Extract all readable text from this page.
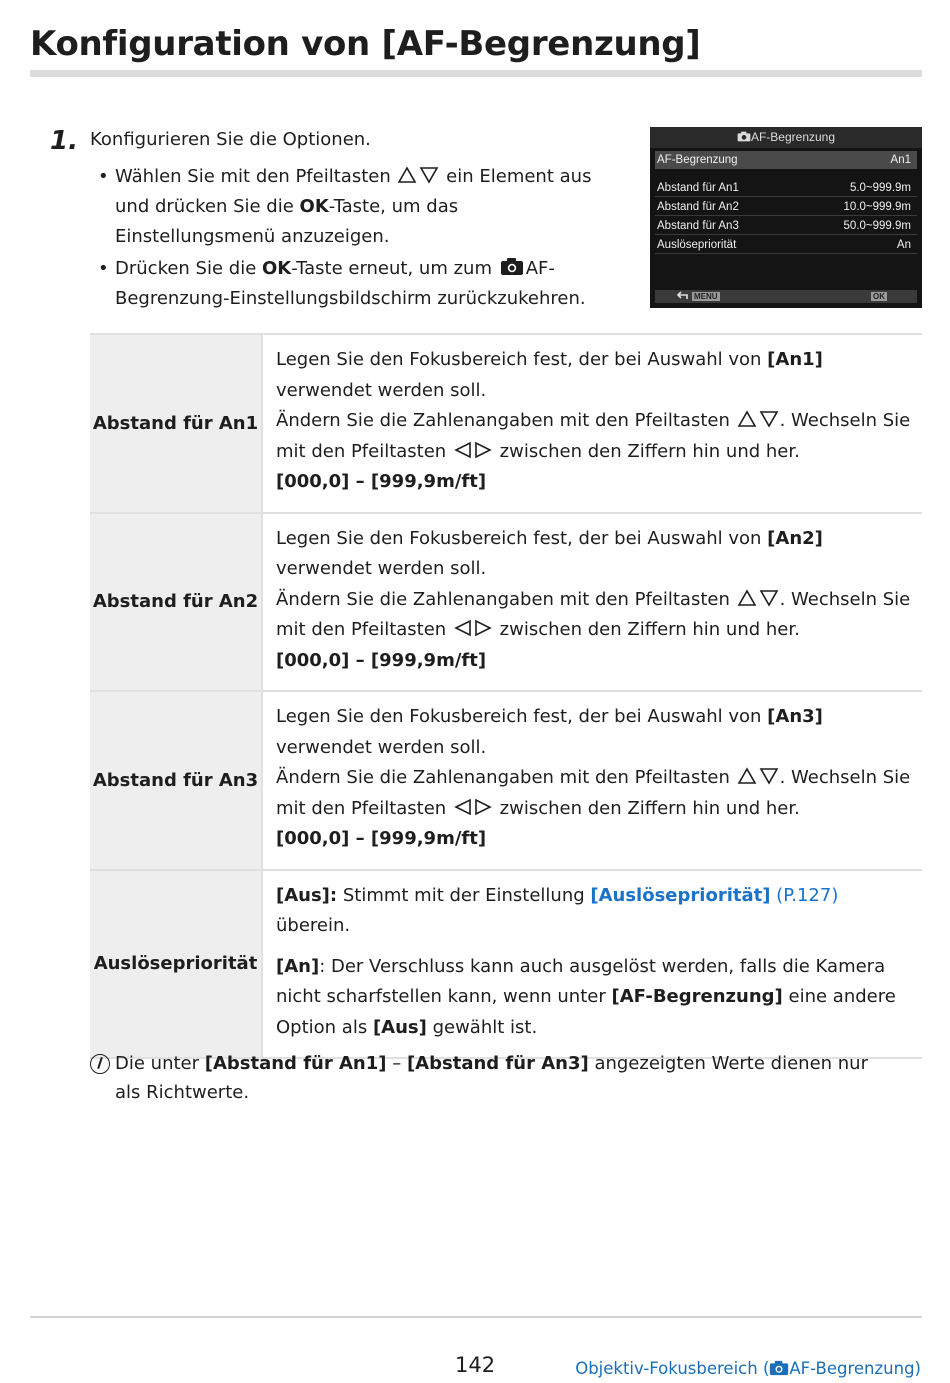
Konfiguration von [AF-Begrenzung]
1. Konfigurieren Sie die Optionen.
• Wählen Sie mit den Pfeiltasten  ein Element aus und drücken Sie die OK-Taste, um das Einstellungsmenü anzuzeigen.
• Drücken Sie die OK-Taste erneut, um zum AF-Begrenzung-Einstellungsbildschirm zurückzukehren.
AF-Begrenzung
AF-Begrenzung	An1
Abstand für An1	5.0~999.9m
Abstand für An2	10.0~999.9m
Abstand für An3	50.0~999.9m
Auslösepriorität	An
MENU	OK
Abstand für An1	Legen Sie den Fokusbereich fest, der bei Auswahl von [An1] verwendet werden soll.
Ändern Sie die Zahlenangaben mit den Pfeiltasten . Wechseln Sie mit den Pfeiltasten  zwischen den Ziffern hin und her.
[000,0] – [999,9m/ft]
Abstand für An2	Legen Sie den Fokusbereich fest, der bei Auswahl von [An2] verwendet werden soll.
Ändern Sie die Zahlenangaben mit den Pfeiltasten . Wechseln Sie mit den Pfeiltasten  zwischen den Ziffern hin und her.
[000,0] – [999,9m/ft]
Abstand für An3	Legen Sie den Fokusbereich fest, der bei Auswahl von [An3] verwendet werden soll.
Ändern Sie die Zahlenangaben mit den Pfeiltasten . Wechseln Sie mit den Pfeiltasten  zwischen den Ziffern hin und her.
[000,0] – [999,9m/ft]
Auslösepriorität	[Aus]: Stimmt mit der Einstellung [Auslösepriorität] (P.127) überein.
[An]: Der Verschluss kann auch ausgelöst werden, falls die Kamera nicht scharfstellen kann, wenn unter [AF-Begrenzung] eine andere Option als [Aus] gewählt ist.
Die unter [Abstand für An1] – [Abstand für An3] angezeigten Werte dienen nur als Richtwerte.
142	Objektiv-Fokusbereich ( AF-Begrenzung)
